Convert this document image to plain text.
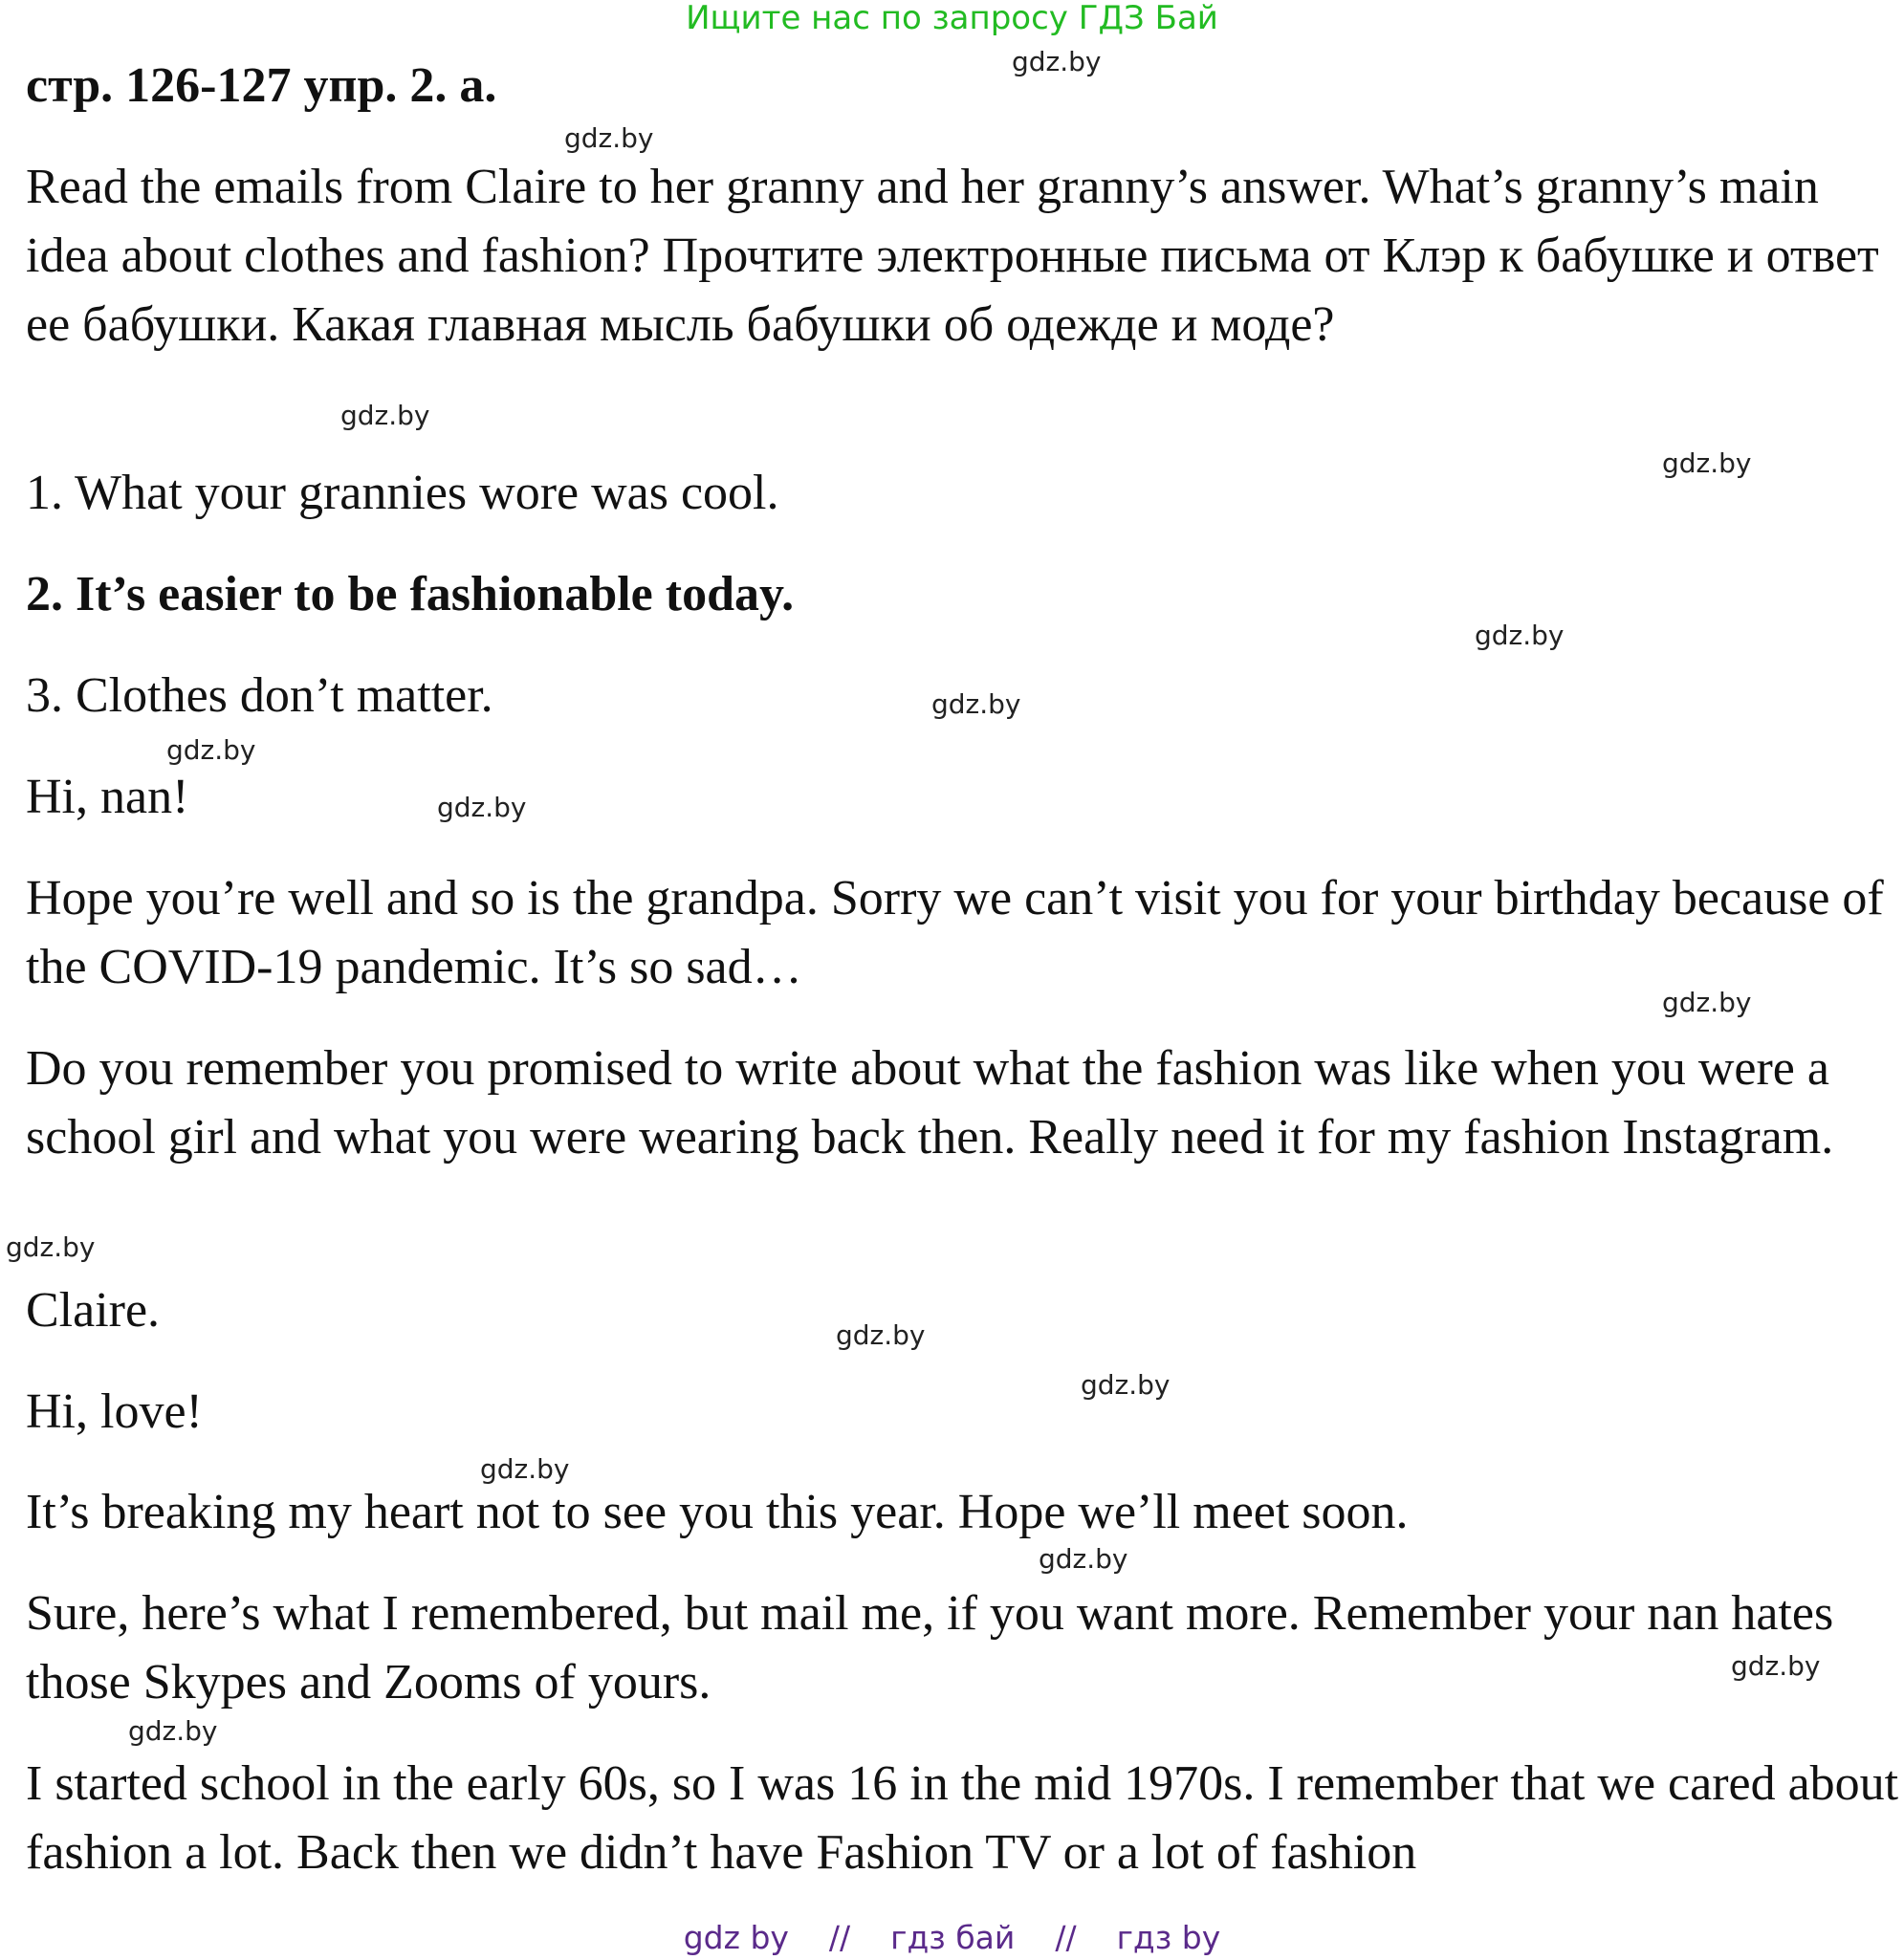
Ищите нас по запросу ГДЗ Бай
стр. 126-127 упр. 2. а.

Read the emails from Claire to her granny and her granny’s answer. What’s granny’s main idea about clothes and fashion? Прочтите электронные письма от Клэр к бабушке и ответ ее бабушки. Какая главная мысль бабушки об одежде и моде?

1. What your grannies wore was cool.

2. It’s easier to be fashionable today.

3. Clothes don’t matter.

Hi, nan!

Hope you’re well and so is the grandpa. Sorry we can’t visit you for your birthday because of the COVID-19 pandemic. It’s so sad…

Do you remember you promised to write about what the fashion was like when you were a school girl and what you were wearing back then. Really need it for my fashion Instagram.

Claire.

Hi, love!

It’s breaking my heart not to see you this year. Hope we’ll meet soon.

Sure, here’s what I remembered, but mail me, if you want more. Remember your nan hates those Skypes and Zooms of yours.

I started school in the early 60s, so I was 16 in the mid 1970s. I remember that we cared about fashion a lot. Back then we didn’t have Fashion TV or a lot of fashion

gdz.by
gdz.by
gdz.by
gdz.by
gdz.by
gdz.by
gdz.by
gdz.by
gdz.by
gdz.by
gdz.by
gdz.by
gdz.by
gdz.by
gdz.by
gdz.by
gdz by // гдз бай // гдз by
